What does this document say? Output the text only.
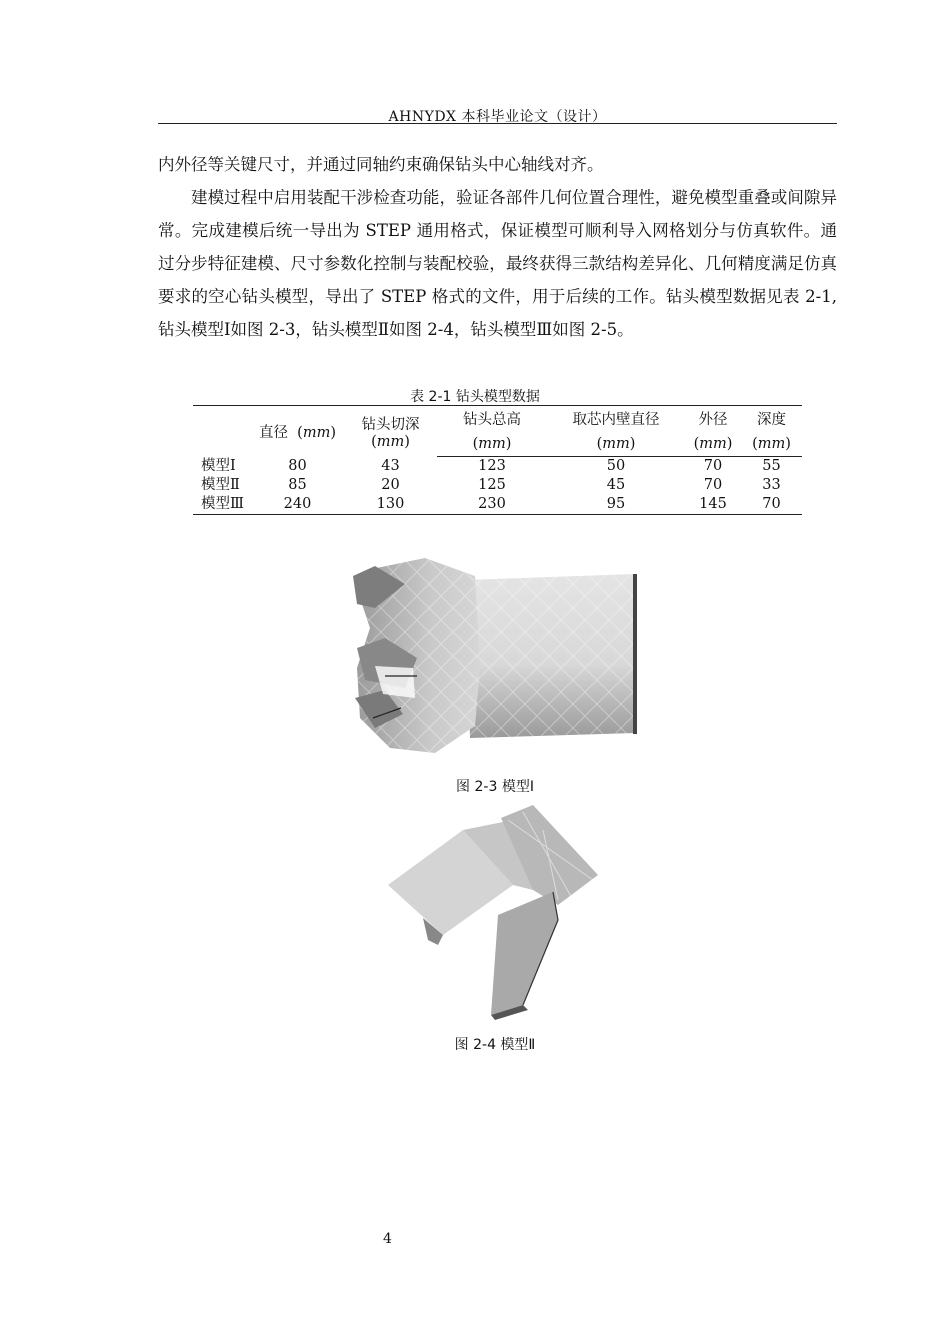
AHNYDX 本科毕业论文（设计）

内外径等关键尺寸，并通过同轴约束确保钻头中心轴线对齐。

建模过程中启用装配干涉检查功能，验证各部件几何位置合理性，避免模型重叠或间隙异常。完成建模后统一导出为 STEP 通用格式，保证模型可顺利导入网格划分与仿真软件。通过分步特征建模、尺寸参数化控制与装配校验，最终获得三款结构差异化、几何精度满足仿真要求的空心钻头模型，导出了 STEP 格式的文件，用于后续的工作。钻头模型数据见表 2-1,钻头模型Ⅰ如图 2-3，钻头模型Ⅱ如图 2-4，钻头模型Ⅲ如图 2-5。

表 2-1 钻头模型数据
	直径  (mm)	钻头切深(mm)	钻头总高	取芯内壁直径	外径	深度
			(mm)	(mm)	(mm)	(mm)
模型Ⅰ	80	43	123	50	70	55
模型Ⅱ	85	20	125	45	70	33
模型Ⅲ	240	130	230	95	145	70
图 2-3 模型Ⅰ
图 2-4 模型Ⅱ
4
